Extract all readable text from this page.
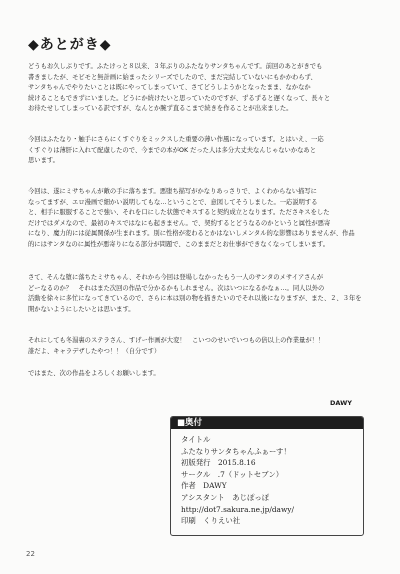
◆あとがき◆
どうもお久しぶりです。ふたけっと８以来、３年ぶりのふたなりサンタちゃんです。前回のあとがきでも
書きましたが、モビモと無計画に始まったシリーズでしたので、まだ完結していないにもかかわらず、
サンタちゃんでやりたいことは既にやってしまっていて、さてどうしようかとなったまま、なかなか
続けることもできずにいました。どうにか続けたいと思っていたのですが、ずるずると遅くなって、長々と
お待たせしてしまっている訳ですが、なんとか腕ず直るこまで続きを作ることが出来ました。
今回はふたなり・触手にさらにくすぐりをミックスした重要の薄い作風になっています。とはいえ、一応
くすぐりは薄肝に入れて配慮したので、今までの本がOK だった人は多分大丈夫なんじゃないかなあと
思います。
今回は、遂にミサちゃんが敵の手に落ちます。悪堕ち描写がかなりあっさりで、よくわからない描写に
なってますが、エロ漫画で細かい説明してもな…ということで、意図してそうしました。一応説明する
と、相手に服服することで強い、それを口にした状態でキスすると契約成立となります。たださキスをした
だけではダメなので、最初のキスではなにも起きません。で、契約するとどうなるのかというと属性が悪寄
になり、魔力的には従属関係が生まれます。別に性格が変わるとかはないしメンタル的な影響はありませんが、作品
的にはサンタなのに属性が悪寄りになる部分が問題で、このままだとお仕事ができなくなってしまいます。
さて、そんな堕に落ちたミサちゃん、それから今回は登場しなかったもう一人のサンタのメサイアさんが
どーなるのか？　それはまた次回の作品で分かるかもしれません。次はいつになるかなぁ…。同人以外の
活動を徐々に多忙になってきているので、さらに本は別の物を描きたいのでそれ以後になりますが、また、２、３年を
開かないようにしたいとは思います。
それにしても冬湯裏のステラさん、すげー作画が大変！　こいつのせいでいつもの倍以上の作業量が！！
誰だよ、キャラデザしたやつ！！（自分です）
ではまた、次の作品をよろしくお願いします。
DAWY
■奥付
タイトル
ふたなりサンタちゃんふぁーす！
初版発行　2015.8.16
サークル　.7（ドットセブン）
作者　DAWY
アシスタント　あじぽっぽ
http://dot7.sakura.ne.jp/dawy/
印刷　くりえい社
22
